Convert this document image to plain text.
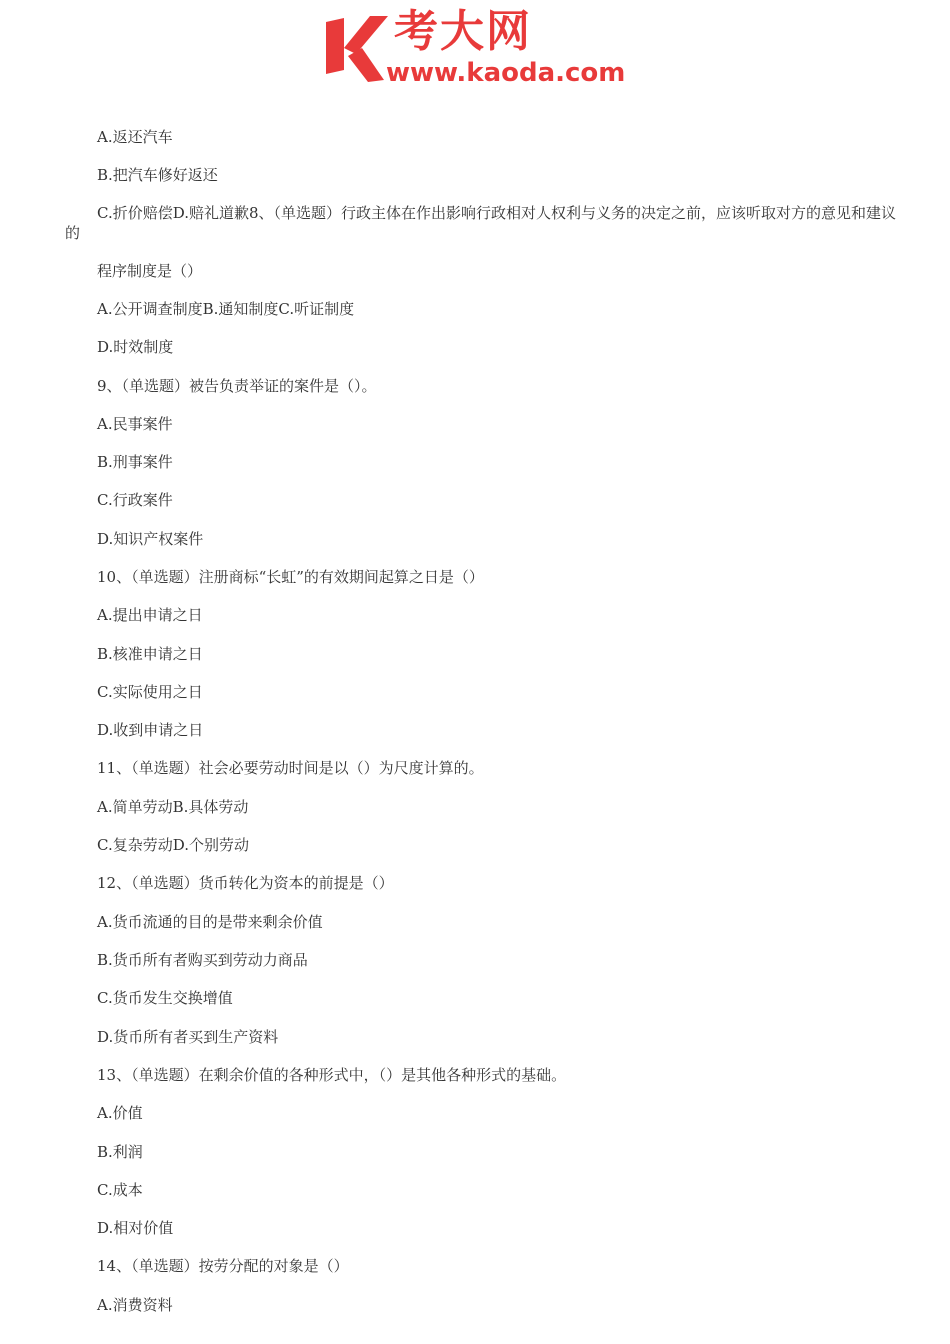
考大网
www.kaoda.com
A.返还汽车
B.把汽车修好返还
C.折价赔偿D.赔礼道歉8、（单选题）行政主体在作出影响行政相对人权利与义务的决定之前，应该听取对方的意见和建议的
程序制度是（）
A.公开调查制度B.通知制度C.听证制度
D.时效制度
9、（单选题）被告负责举证的案件是（）。
A.民事案件
B.刑事案件
C.行政案件
D.知识产权案件
10、（单选题）注册商标“长虹”的有效期间起算之日是（）
A.提出申请之日
B.核准申请之日
C.实际使用之日
D.收到申请之日
11、（单选题）社会必要劳动时间是以（）为尺度计算的。
A.简单劳动B.具体劳动
C.复杂劳动D.个别劳动
12、（单选题）货币转化为资本的前提是（）
A.货币流通的目的是带来剩余价值
B.货币所有者购买到劳动力商品
C.货币发生交换增值
D.货币所有者买到生产资料
13、（单选题）在剩余价值的各种形式中，（）是其他各种形式的基础。
A.价值
B.利润
C.成本
D.相对价值
14、（单选题）按劳分配的对象是（）
A.消费资料
